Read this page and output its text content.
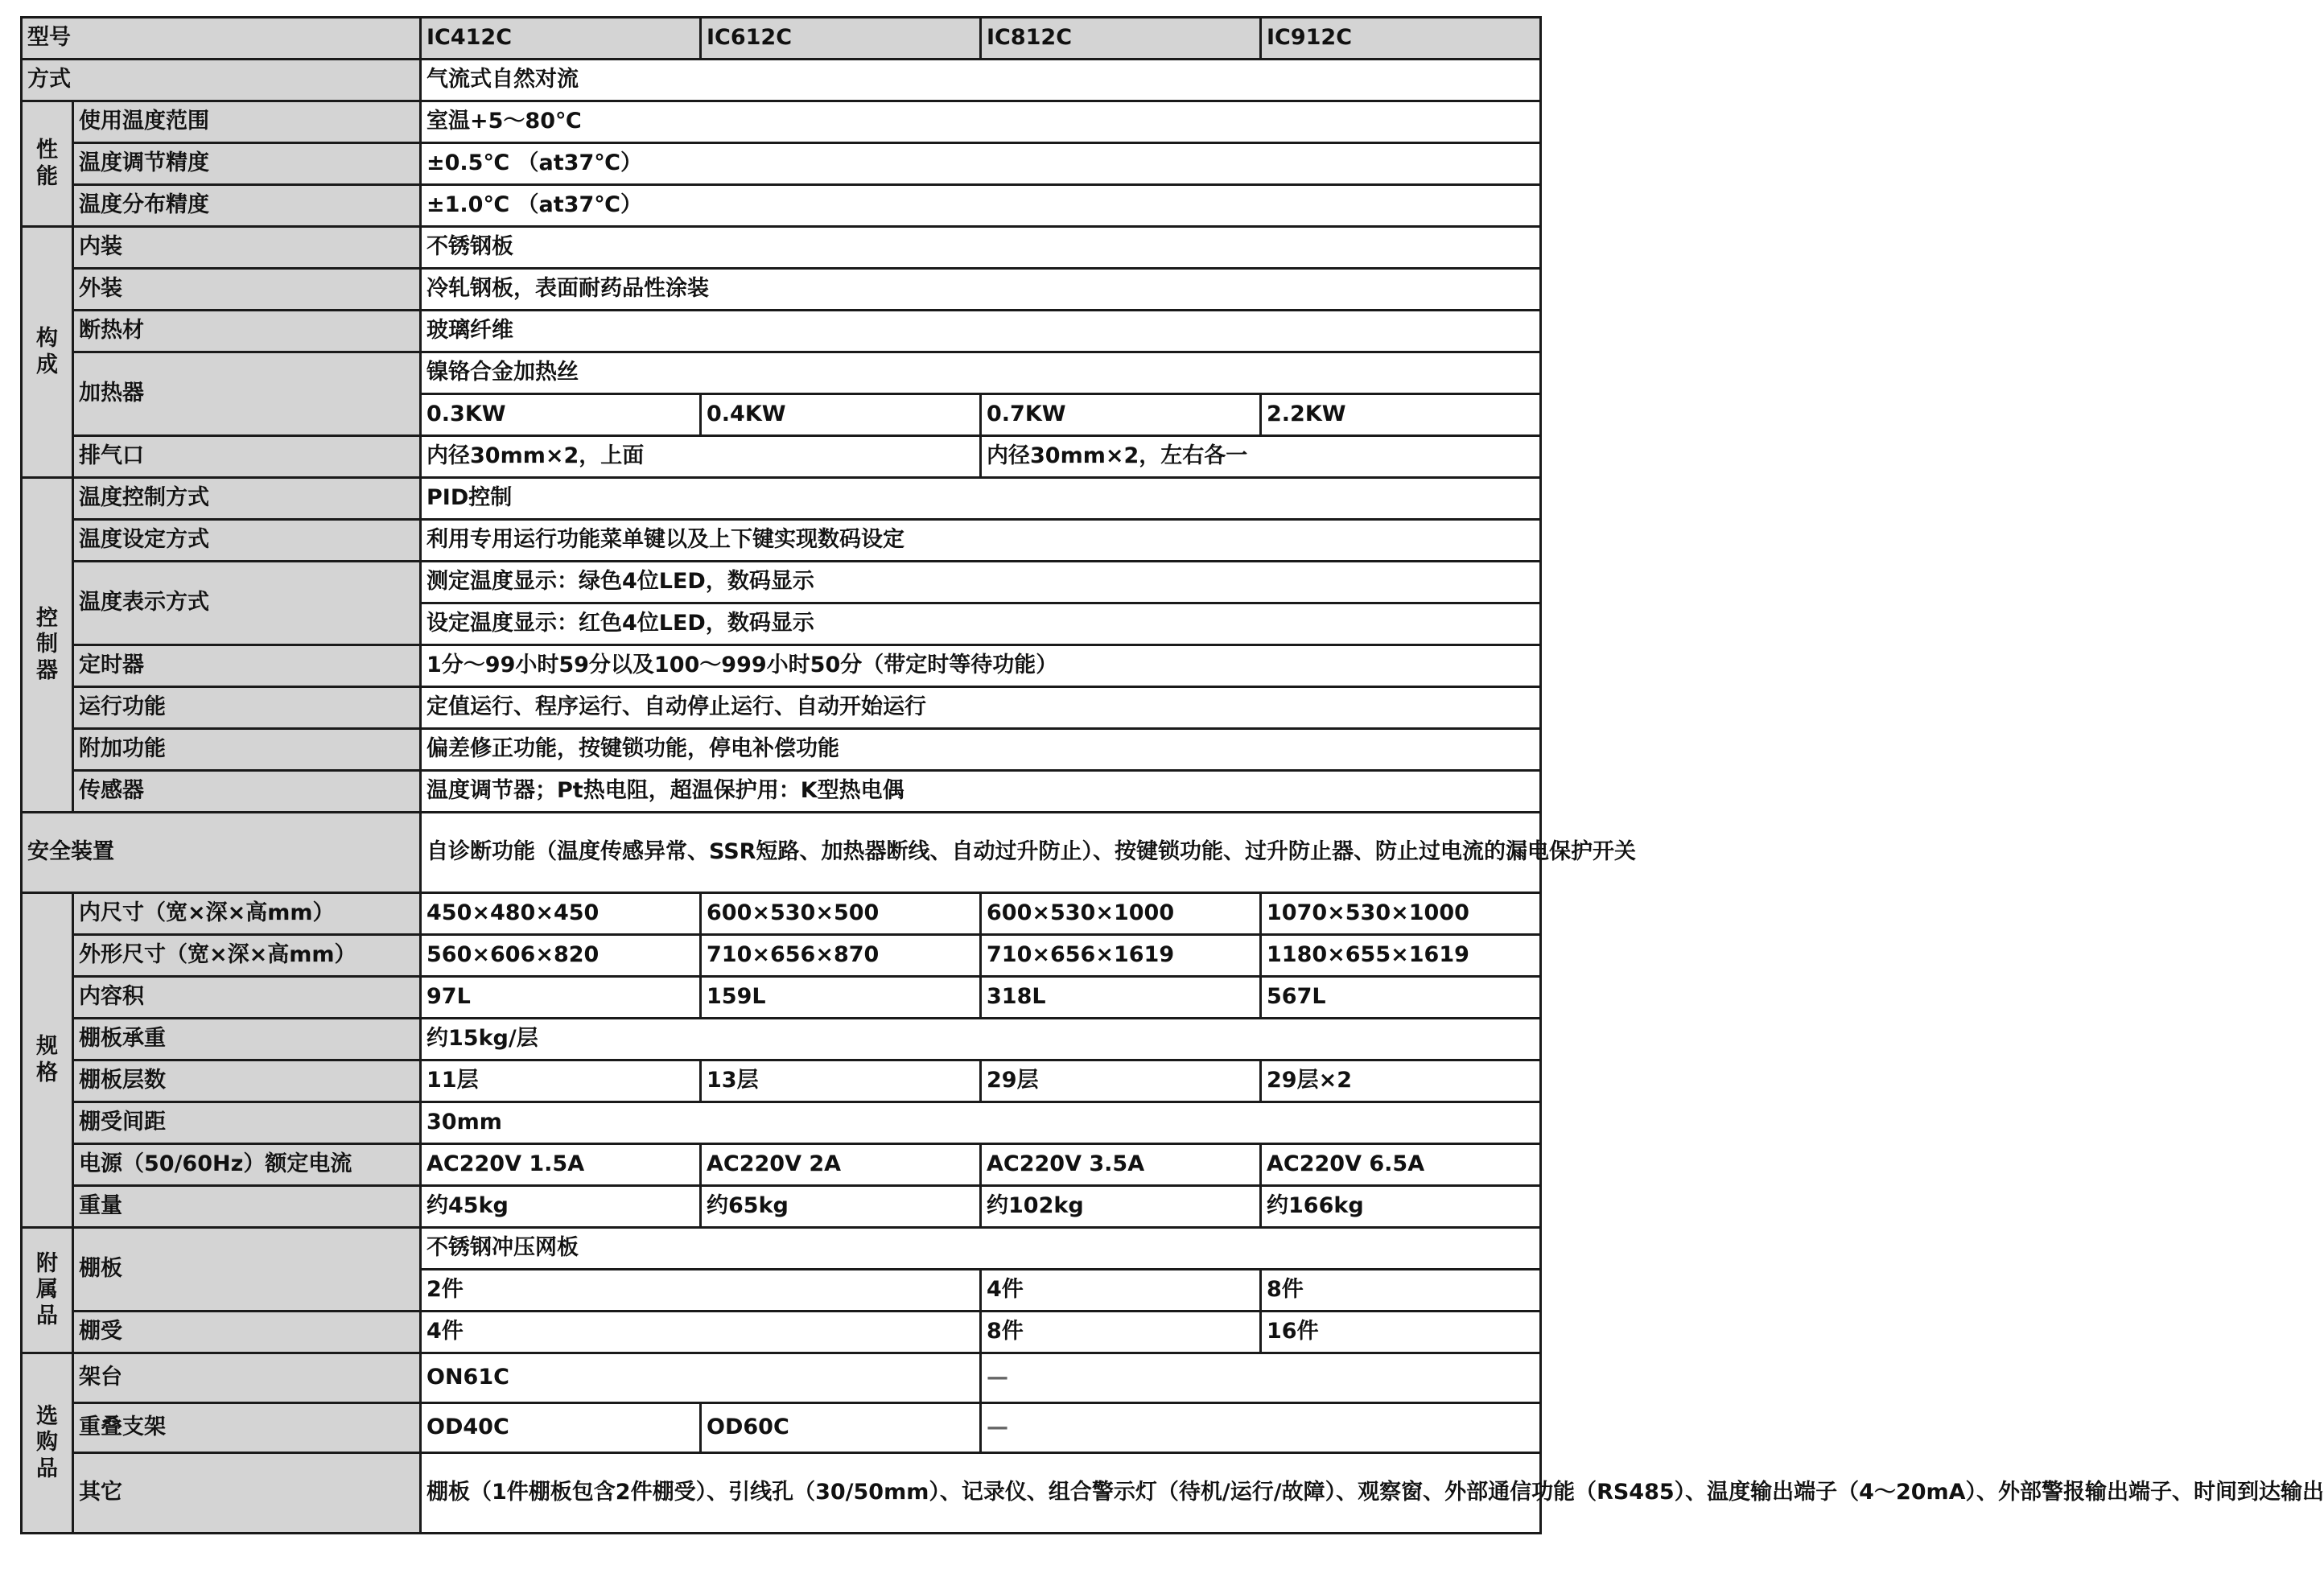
型号		IC412C	IC612C	IC812C	IC912C
方式		气流式自然对流			
性
能	使用温度范围	室温+5～80℃			
	温度调节精度	±0.5℃ （at37℃）			
	温度分布精度	±1.0℃ （at37℃）			
构
成	内装	不锈钢板			
	外装	冷轧钢板，表面耐药品性涂装			
	断热材	玻璃纤维			
	加热器	镍铬合金加热丝			
		0.3KW	0.4KW	0.7KW	2.2KW
	排气口	内径30mm×2，上面		内径30mm×2，左右各一	
控
制
器	温度控制方式	PID控制			
	温度设定方式	利用专用运行功能菜单键以及上下键实现数码设定			
	温度表示方式	测定温度显示：绿色4位LED，数码显示			
		设定温度显示：红色4位LED，数码显示			
	定时器	1分～99小时59分以及100～999小时50分（带定时等待功能）			
	运行功能	定值运行、程序运行、自动停止运行、自动开始运行			
	附加功能	偏差修正功能，按键锁功能，停电补偿功能			
	传感器	温度调节器；Pt热电阻，超温保护用：K型热电偶			
安全装置		自诊断功能（温度传感异常、SSR短路、加热器断线、自动过升防止）、按键锁功能、过升防止器、防止过电流的漏电保护开关			
规
格	内尺寸（宽×深×高mm）	450×480×450	600×530×500	600×530×1000	1070×530×1000
	外形尺寸（宽×深×高mm）	560×606×820	710×656×870	710×656×1619	1180×655×1619
	内容积	97L	159L	318L	567L
	棚板承重	约15kg/层			
	棚板层数	11层	13层	29层	29层×2
	棚受间距	30mm			
	电源（50/60Hz）额定电流	AC220V 1.5A	AC220V 2A	AC220V 3.5A	AC220V 6.5A
	重量	约45kg	约65kg	约102kg	约166kg
附
属
品	棚板	不锈钢冲压网板			
		2件		4件	8件
	棚受	4件		8件	16件
选
购
品	架台	ON61C		—	
	重叠支架	OD40C	OD60C	—	
	其它	棚板（1件棚板包含2件棚受）、引线孔（30/50mm）、记录仪、组合警示灯（待机/运行/故障）、观察窗、外部通信功能（RS485）、温度输出端子（4～20mA）、外部警报输出端子、时间到达输出			
